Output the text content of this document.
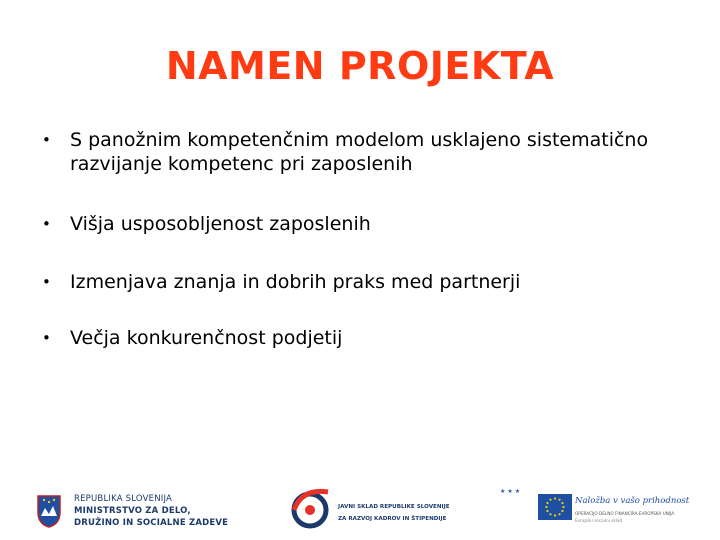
NAMEN PROJEKTA
• S panožnim kompetenčnim modelom usklajeno sistematično razvijanje kompetenc pri zaposlenih
• Višja usposobljenost zaposlenih
• Izmenjava znanja in dobrih praks med partnerji
• Večja konkurenčnost podjetij
REPUBLIKA SLOVENIJA
MINISTRSTVO ZA DELO,
DRUŽINO IN SOCIALNE ZADEVE
JAVNI SKLAD REPUBLIKE SLOVENIJE
ZA RAZVOJ KADROV IN ŠTIPENDIJE
★★★
Naložba v vašo prihodnost
OPERACIJO DELNO FINANCIRA EVROPSKA UNIJA
Evropski socialni sklad
